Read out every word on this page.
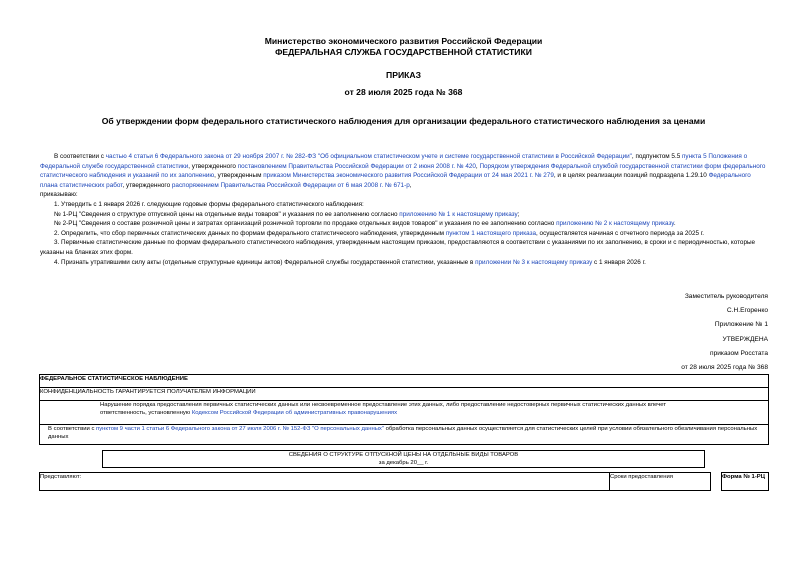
Министерство экономического развития Российской Федерации
ФЕДЕРАЛЬНАЯ СЛУЖБА ГОСУДАРСТВЕННОЙ СТАТИСТИКИ
ПРИКАЗ
от 28 июля 2025 года № 368
Об утверждении форм федерального статистического наблюдения для организации федерального статистического наблюдения за ценами

В соответствии с частью 4 статьи 6 Федерального закона от 29 ноября 2007 г. № 282-ФЗ "Об официальном статистическом учете и системе государственной статистики в Российской Федерации", подпунктом 5.5 пункта 5 Положения о Федеральной службе государственной статистики, утвержденного постановлением Правительства Российской Федерации от 2 июня 2008 г. № 420, Порядком утверждения Федеральной службой государственной статистики форм федерального статистического наблюдения и указаний по их заполнению, утвержденным приказом Министерства экономического развития Российской Федерации от 24 мая 2021 г. № 279, и в целях реализации позиций подраздела 1.29.10 Федерального плана статистических работ, утвержденного распоряжением Правительства Российской Федерации от 6 мая 2008 г. № 671-р,

приказываю:

1. Утвердить с 1 января 2026 г. следующие годовые формы федерального статистического наблюдения:

№ 1-РЦ "Сведения о структуре отпускной цены на отдельные виды товаров" и указания по ее заполнению согласно приложению № 1 к настоящему приказу;

№ 2-РЦ "Сведения о составе розничной цены и затратах организаций розничной торговли по продаже отдельных видов товаров" и указания по ее заполнению согласно приложению № 2 к настоящему приказу.

2. Определить, что сбор первичных статистических данных по формам федерального статистического наблюдения, утвержденным пунктом 1 настоящего приказа, осуществляется начиная с отчетного периода за 2025 г.

3. Первичные статистические данные по формам федерального статистического наблюдения, утвержденным настоящим приказом, предоставляются в соответствии с указаниями по их заполнению, в сроки и с периодичностью, которые указаны на бланках этих форм.

4. Признать утратившими силу акты (отдельные структурные единицы актов) Федеральной службы государственной статистики, указанные в приложении № 3 к настоящему приказу с 1 января 2026 г.

Заместитель руководителя
С.Н.Егоренко
Приложение № 1
УТВЕРЖДЕНА
приказом Росстата
от 28 июля 2025 года № 368
ФЕДЕРАЛЬНОЕ СТАТИСТИЧЕСКОЕ НАБЛЮДЕНИЕ
КОНФИДЕНЦИАЛЬНОСТЬ ГАРАНТИРУЕТСЯ ПОЛУЧАТЕЛЕМ ИНФОРМАЦИИ
Нарушение порядка предоставления первичных статистических данных или несвоевременное предоставление этих данных, либо предоставление недостоверных первичных статистических данных влечет ответственность, установленную Кодексом Российской Федерации об административных правонарушениях
В соответствии с пунктом 9 части 1 статьи 6 Федерального закона от 27 июля 2006 г. № 152-ФЗ "О персональных данных" обработка персональных данных осуществляется для статистических целей при условии обязательного обезличивания персональных данных
СВЕДЕНИЯ О СТРУКТУРЕ ОТПУСКНОЙ ЦЕНЫ НА ОТДЕЛЬНЫЕ ВИДЫ ТОВАРОВ
за декабрь 20__ г.
Представляют:	Сроки предоставления	Форма № 1-РЦ
